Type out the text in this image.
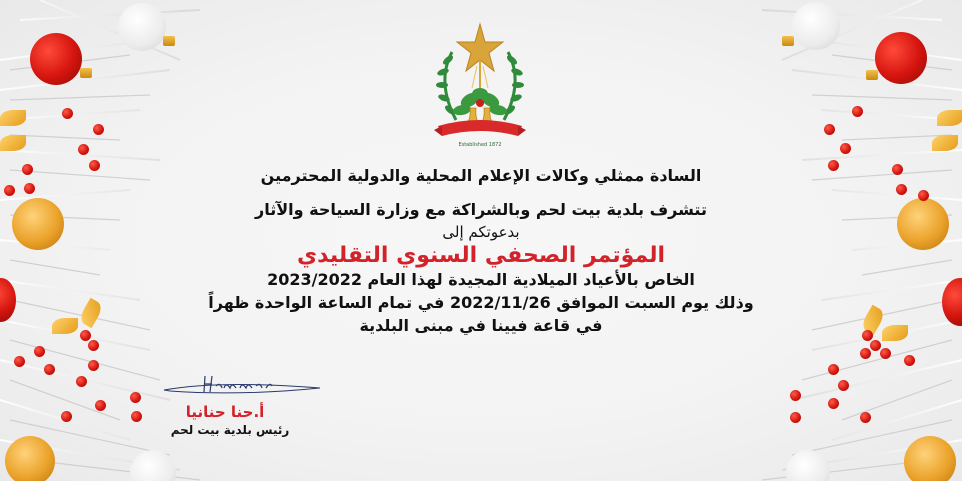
Established 1872
السادة ممثلي وكالات الإعلام المحلية والدولية المحترمين
تتشرف بلدية بيت لحم وبالشراكة مع وزارة السياحة والآثار
بدعوتكم إلى
المؤتمر الصحفي السنوي التقليدي
الخاص بالأعياد الميلادية المجيدة لهذا العام 2023/2022
وذلك يوم السبت الموافق 2022/11/26 في تمام الساعة الواحدة ظهراً
في قاعة فيينا في مبنى البلدية
أ.حنا حنانيا
رئيس بلدية بيت لحم
